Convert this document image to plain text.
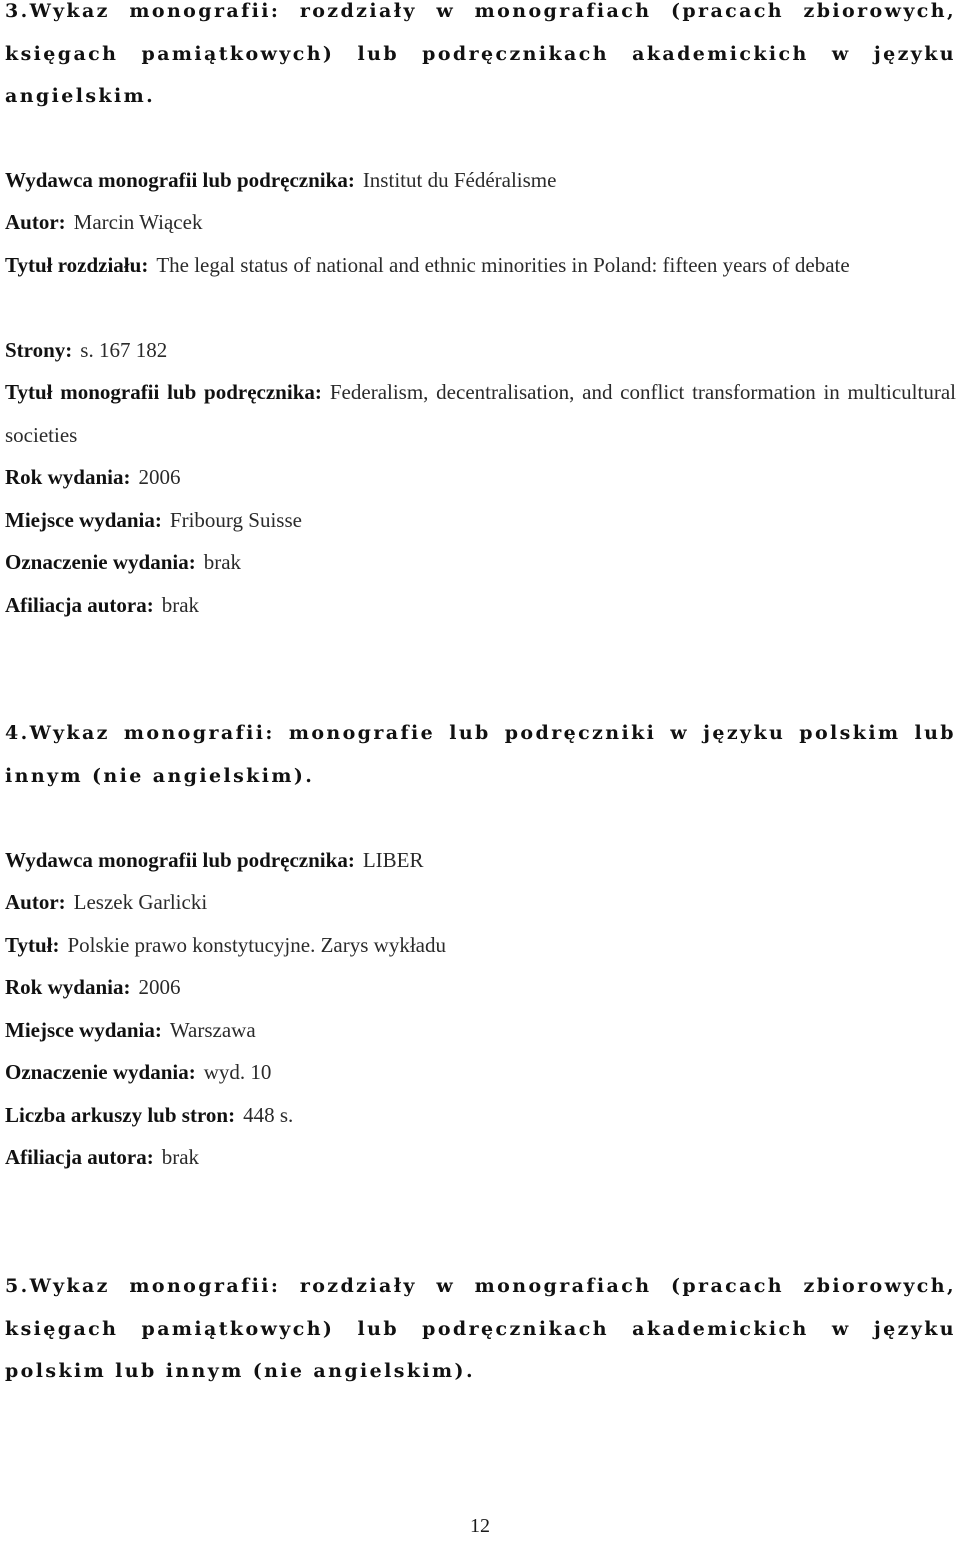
3.Wykaz monografii: rozdziały w monografiach (pracach zbiorowych, księgach pamiątkowych) lub podręcznikach akademickich w języku angielskim.

Wydawca monografii lub podręcznika: Institut du Fédéralisme

Autor: Marcin Wiącek

Tytuł rozdziału: The legal status of national and ethnic minorities in Poland: fifteen years of debate

Strony: s. 167 182

Tytuł monografii lub podręcznika: Federalism, decentralisation, and conflict transformation in multicultural societies

Rok wydania: 2006

Miejsce wydania: Fribourg Suisse

Oznaczenie wydania: brak

Afiliacja autora: brak

4.Wykaz monografii: monografie lub podręczniki w języku polskim lub innym (nie angielskim).

Wydawca monografii lub podręcznika: LIBER

Autor: Leszek Garlicki

Tytuł: Polskie prawo konstytucyjne. Zarys wykładu

Rok wydania: 2006

Miejsce wydania: Warszawa

Oznaczenie wydania: wyd. 10

Liczba arkuszy lub stron: 448 s.

Afiliacja autora: brak

5.Wykaz monografii: rozdziały w monografiach (pracach zbiorowych, księgach pamiątkowych) lub podręcznikach akademickich w języku polskim lub innym (nie angielskim).
12
